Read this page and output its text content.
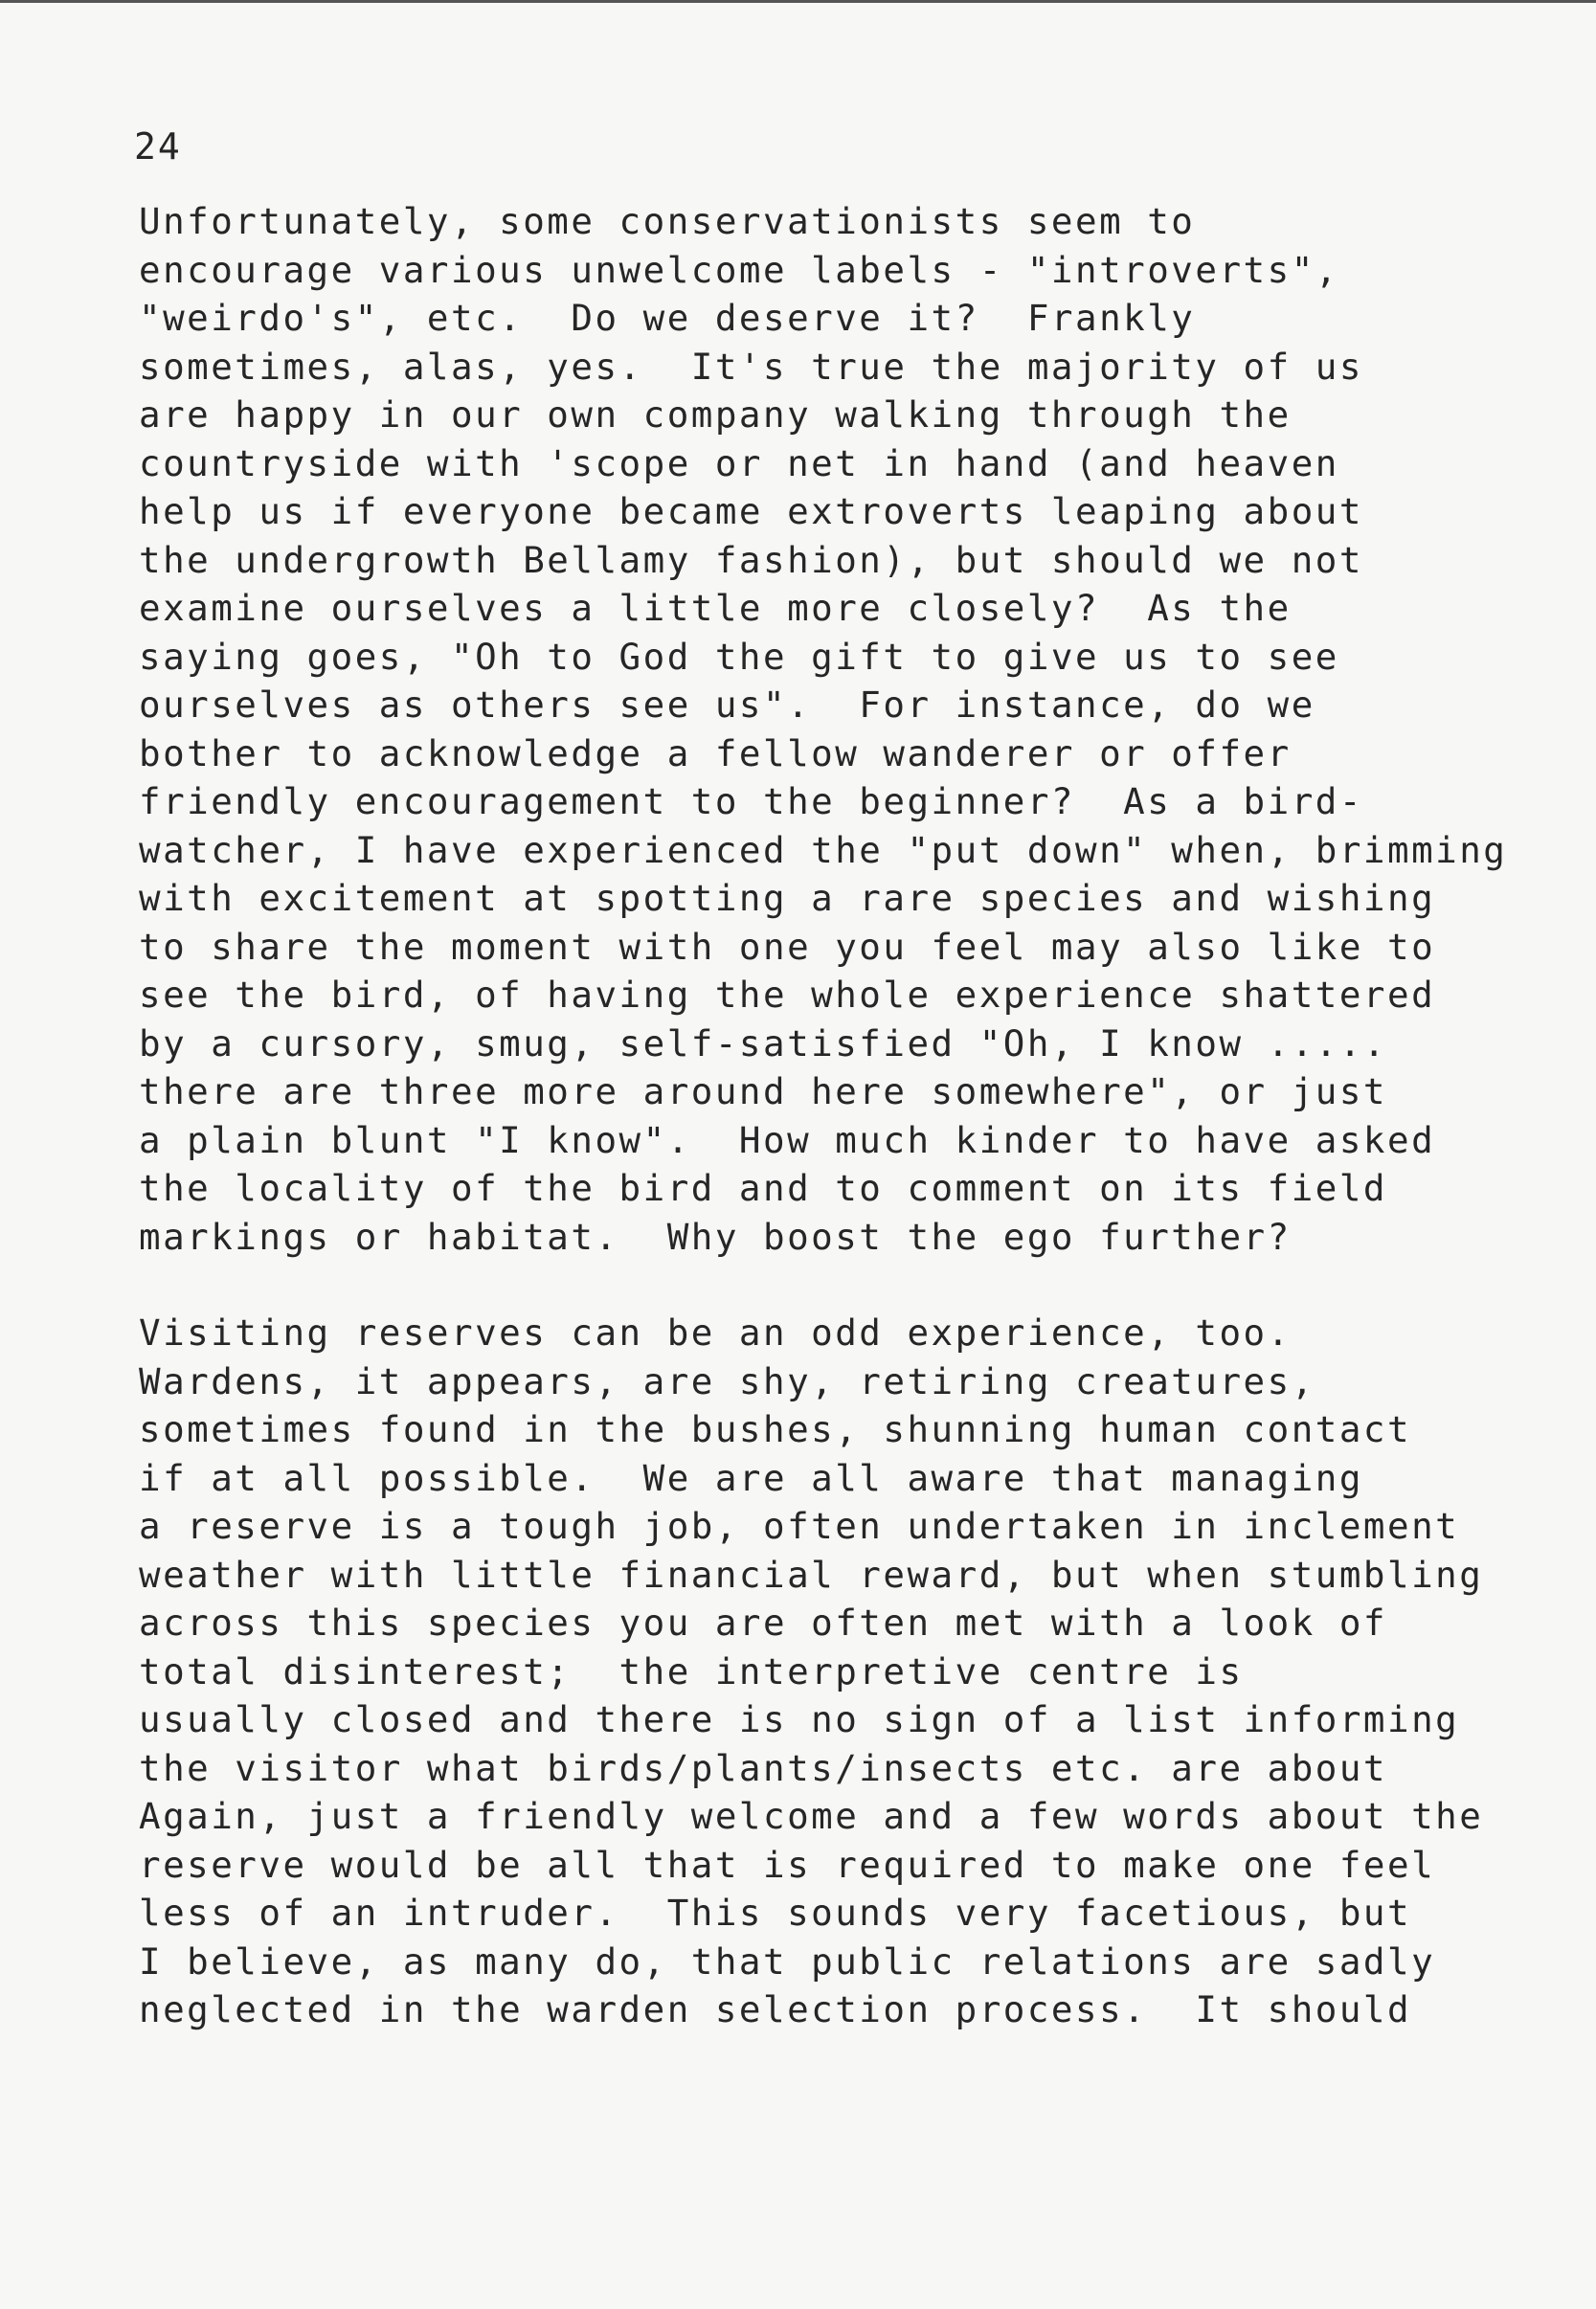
24
Unfortunately, some conservationists seem to
encourage various unwelcome labels - "introverts",
"weirdo's", etc.  Do we deserve it?  Frankly
sometimes, alas, yes.  It's true the majority of us
are happy in our own company walking through the
countryside with 'scope or net in hand (and heaven
help us if everyone became extroverts leaping about
the undergrowth Bellamy fashion), but should we not
examine ourselves a little more closely?  As the
saying goes, "Oh to God the gift to give us to see
ourselves as others see us".  For instance, do we
bother to acknowledge a fellow wanderer or offer
friendly encouragement to the beginner?  As a bird-
watcher, I have experienced the "put down" when, brimming
with excitement at spotting a rare species and wishing
to share the moment with one you feel may also like to
see the bird, of having the whole experience shattered
by a cursory, smug, self-satisfied "Oh, I know .....
there are three more around here somewhere", or just
a plain blunt "I know".  How much kinder to have asked
the locality of the bird and to comment on its field
markings or habitat.  Why boost the ego further?
Visiting reserves can be an odd experience, too.
Wardens, it appears, are shy, retiring creatures,
sometimes found in the bushes, shunning human contact
if at all possible.  We are all aware that managing
a reserve is a tough job, often undertaken in inclement
weather with little financial reward, but when stumbling
across this species you are often met with a look of
total disinterest;  the interpretive centre is
usually closed and there is no sign of a list informing
the visitor what birds/plants/insects etc. are about
Again, just a friendly welcome and a few words about the
reserve would be all that is required to make one feel
less of an intruder.  This sounds very facetious, but
I believe, as many do, that public relations are sadly
neglected in the warden selection process.  It should
